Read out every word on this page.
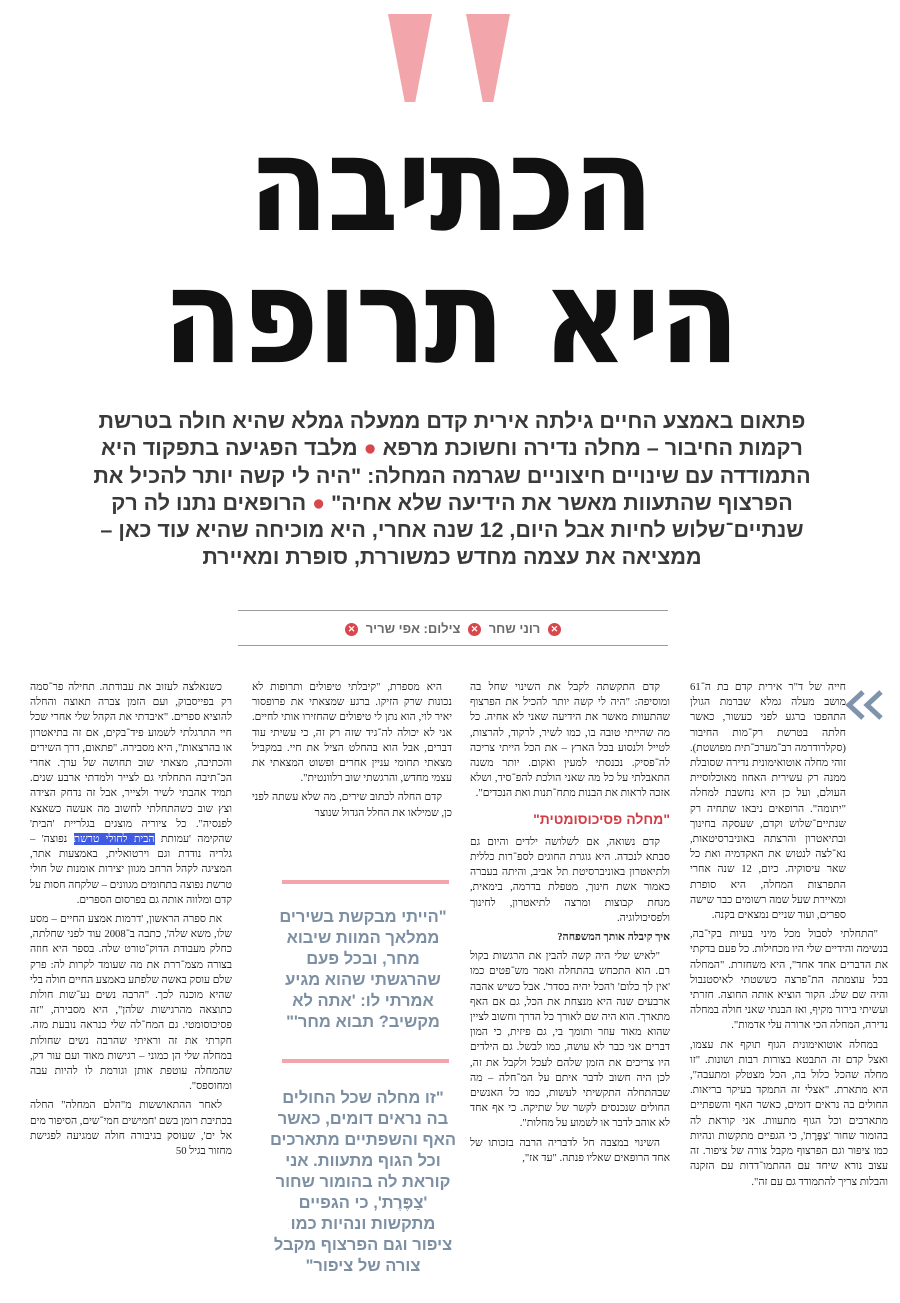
הכתיבה
היא תרופה
פתאום באמצע החיים גילתה אירית קדם ממעלה גמלא שהיא חולה בטרשת רקמות החיבור – מחלה נדירה וחשוכת מרפא ● מלבד הפגיעה בתפקוד היא התמודדה עם שינויים חיצוניים שגרמה המחלה: "היה לי קשה יותר להכיל את הפרצוף שהתעוות מאשר את הידיעה שלא אחיה" ● הרופאים נתנו לה רק שנתיים־שלוש לחיות אבל היום, 12 שנה אחרי, היא מוכיחה שהיא עוד כאן – ממציאה את עצמה מחדש כמשוררת, סופרת ומאיירת
✕ רוני שחר ✕ צילום: אפי שריר ✕

חייה של ד"ר אירית קדם בת ה־61 מושב מעלה גמלא שברמת הגולן התהפכו ברגע לפני כעשור, כאשר חלתה בטרשת רק־מות החיבור (סקלרודרמה רב־מערכ־תית מפושטת). זוהי מחלה אוטואימונית נדירה שסובלת ממנה רק עשירית האחוז מאוכלוסיית העולם, ועל כן היא נחשבת למחלה "יתומה". הרופאים ניבאו שתחיה רק שנתיים־שלוש וקדם, שעסקה בחינוך ובתיאטרון והרצתה באוניברסיטאות, נא־לצה לנטוש את האקדמיה ואת כל שאר עיסוקיה. כיום, 12 שנה אחרי התפרצות המחלה, היא סופרת ומאיירת שעל שמה רשומים כבר שישה ספרים, ועוד שניים נמצאים בקנה.

"התחלתי לסבול מכל מיני בעיות בקי־בה, בנשימה והידיים שלי היו מכחילות. כל פעם בדקתי את הדברים אחד אחד", היא משחזרת. "המחלה בכל עוצמתה הת־פרצה כששטתי לאיסטנבול והיה שם שלג. הקור הוציא אותה החוצה. חזרתי ועשיתי בירור מקיף, ואז הבנתי שאני חולה במחלה נדירה, המחלה הכי ארורה עלי אדמות".

במחלה אוטואימונית הגוף תוקף את עצמו, ואצל קדם זה התבטא בצורות רבות ושונות. "זו מחלה שהכל כלול בה, הכל מצטלק ומתעבה", היא מתארת. "אצלי זה התמקד בעיקר בריאות. החולים בה נראים דומים, כאשר האף והשפתיים מתארכים וכל הגוף מתעוות. אני קוראת לה בהומור שחור 'צַפֶּרֶת', כי הגפיים מתקשות ונהיות כמו ציפור וגם הפרצוף מקבל צורה של ציפור. זה עצוב נורא שיחד עם ההתמו־דדות עם הזקנה והבלות צריך להתמודד גם עם זה".

קדם התקשתה לקבל את השינוי שחל בה ומוסיפה: "היה לי קשה יותר להכיל את הפרצוף שהתעוות מאשר את הידיעה שאני לא אחיה. כל מה שהייתי טובה בו, כמו לשיר, לרקוד, להרצות, לטייל ולנסוע בכל הארץ – את הכל הייתי צריכה לה־פסיק. נכנסתי למעין ואקום. יותר משנה התאבלתי על כל מה שאני הולכת להפ־סיד, ושלא אזכה לראות את הבנות מתח־תנות ואת הנכדים".

"מחלה פסיכוסומטית"

קדם נשואה, אם לשלושה ילדים והיום גם סבתא לנכדה. היא גוגרת החוגים לספ־רות כללית ולתיאטרון באוניברסיטת תל אביב, והיתה בעברה כאמור אשת חינוך, מטפלת בדרמה, בימאית, מנחת קבוצות ומרצה לתיאטרון, לחינוך ולפסיכולוגיה.

איך קיבלה אותך המשפחה?

"לאיש שלי היה קשה להבין את הרגשות בקול רם. הוא התכחש בהתחלה ואמר מש־פטים כמו 'אין לך כלום' ו'הכל יהיה בסדר'. אבל כשיש אהבה ארבעים שנה היא מנצחת את הכל, גם אם האף מתארך. הוא היה שם לאורך כל הדרך וחשוב לציין שהוא מאוד עוזר ותומך בי, גם פיזית, כי המון דברים אני כבר לא עושה, כמו לבשל. גם הילדים היו צריכים את הזמן שלהם לעכל ולקבל את זה, לכן היה חשוב לדבר איתם על המ־חלה – מה שבהתחלה התקשיתי לעשות, כמו כל האנשים החולים שנכנסים לקשר של שתיקה. כי אף אחד לא אוהב לדבר או לשמוע על מחלות".

השינוי במצבה חל לדבריה הרבה בזכותו של אחד הרופאים שאליו פנתה. "עד אז",

היא מספרת, "קיבלתי טיפולים ותרופות לא נכונות שרק הזיקו. ברגע שמצאתי את פרופסור יאיר לוי, הוא נתן לי טיפולים שהחזירו אותי לחיים. אני לא יכולה לה־גיד שזה רק זה, כי עשיתי עוד דברים, אבל הוא בהחלט הציל את חיי. במקביל מצאתי תחומי עניין אחרים ופשוט המצאתי את עצמי מחדש, והרגשתי שוב רלוונטית".

קדם החלה לכתוב שירים, מה שלא עשתה לפני כן, שמילאו את החלל הגדול שנוצר

"הייתי מבקשת בשירים ממלאך המוות שיבוא מחר, ובכל פעם שהרגשתי שהוא מגיע אמרתי לו: 'אתה לא מקשיב? תבוא מחר'"
"זו מחלה שכל החולים בה נראים דומים, כאשר האף והשפתיים מתארכים וכל הגוף מתעוות. אני קוראת לה בהומור שחור 'צַפֶּרֶת', כי הגפיים מתקשות ונהיות כמו ציפור וגם הפרצוף מקבל צורה של ציפור"

כשנאלצה לעזוב את עבודתה. תחילה פר־סמה רק בפייסבוק, ועם הזמן צברה תאוצה והחלה להוציא ספרים. "איבדתי את הקהל שלי אחרי שכל חיי התרגלתי לשמוע פיד־בקים, אם זה בתיאטרון או בהרצאות", היא מסבירה. "פתאום, דרך השירים והכתיבה, מצאתי שוב תחושה של ערך. אחרי הכ־תיבה התחלתי גם לצייר ולמדתי ארבע שנים. תמיד אהבתי לשיר ולצייר, אבל זה נדחק הצידה וצץ שוב כשהתחלתי לחשוב מה אעשה כשאצא לפנסיה". כל ציוריה מוצגים בגלריית 'הבית' שהקימה 'עמותת הבית לחולי טרשת נפוצה' – גלריה נודדת וגם וירטואלית, באמצעות אתר, המציגה לקהל הרחב מגוון יצירות אומנות של חולי טרשת נפוצה בתחומים מגוונים – שלקחה חסות על קדם ומלווה אותה גם בפרסום הספרים.

את ספרה הראשון, 'דרמות אמצע החיים – מסע שלו, משא שלה', כתבה ב־2008 עוד לפני שחלתה, כחלק מעבודת הדוק־טורט שלה. בספר היא חוזה בצורה מצמ־ררת את מה שעומד לקרות לה: פרק שלם עוסק באשה שלפתע באמצע החיים חולה בלי שהיא מוכנה לכך. "הרבה נשים נע־שות חולות כתוצאה מהרגישות שלהן", היא מסבירה, "זה פסיכוסומטי. גם המח־לה שלי כנראה נובעת מזה. חקרתי את זה וראיתי שהרבה נשים שחולות במחלה שלי הן כמוני – רגישות מאוד ועם עור דק, שהמחלה עוטפת אותן וגורמת לו להיות עבה ומחוספס".

לאחר ההתאוששות מ"הלם המחלה" החלה בכתיבת רומן בשם 'חמישים חמי־שים, הסיפור מים אל ים', שעוסק בגיבורה חולה שמגיעה לפגישת מחזור בגיל 50
